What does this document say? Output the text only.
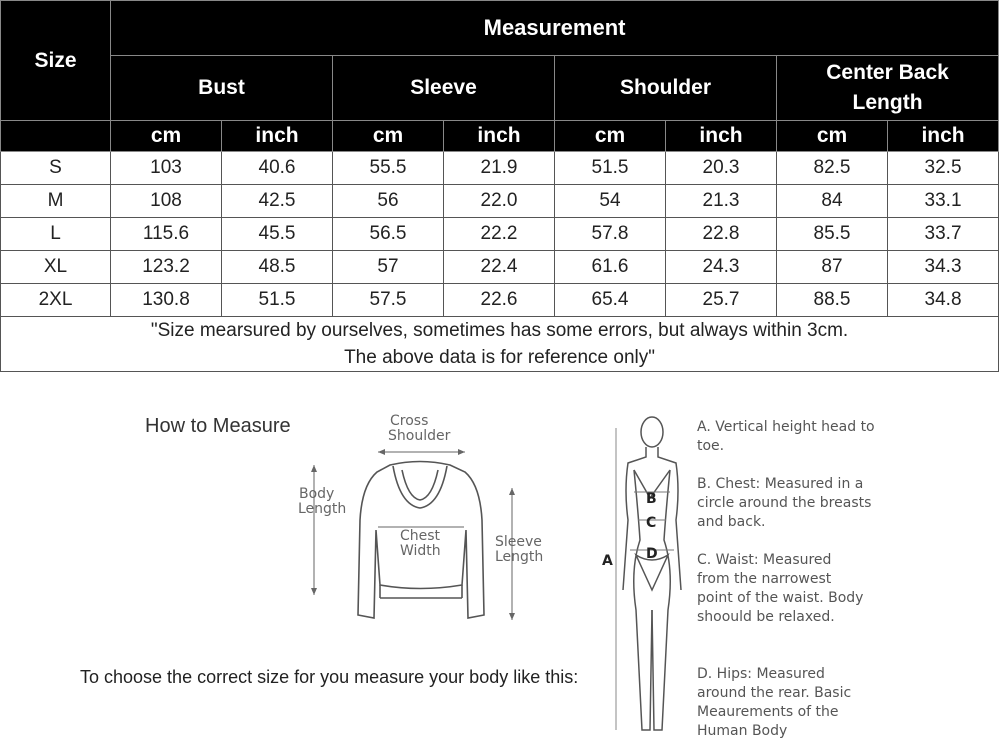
Size	Measurement							
	Bust		Sleeve		Shoulder		Center Back
Length	
	cm	inch	cm	inch	cm	inch	cm	inch
S	103	40.6	55.5	21.9	51.5	20.3	82.5	32.5
M	108	42.5	56	22.0	54	21.3	84	33.1
L	115.6	45.5	56.5	22.2	57.8	22.8	85.5	33.7
XL	123.2	48.5	57	22.4	61.6	24.3	87	34.3
2XL	130.8	51.5	57.5	22.6	65.4	25.7	88.5	34.8
"Size mearsured by ourselves, sometimes has some errors, but always within 3cm.
The above data is for reference only"								
How to Measure	Cross
Shoulder
Body
Length
Chest
Width
Sleeve
Length	A
B
C
D
A. Vertical height head to toe.
B. Chest: Measured in a circle around the breasts and back.
C. Waist: Measured from the narrowest point of the waist. Body shoould be relaxed.
D. Hips: Measured around the rear. Basic Meaurements of the Human Body
To choose the correct size for you measure your body like this:
